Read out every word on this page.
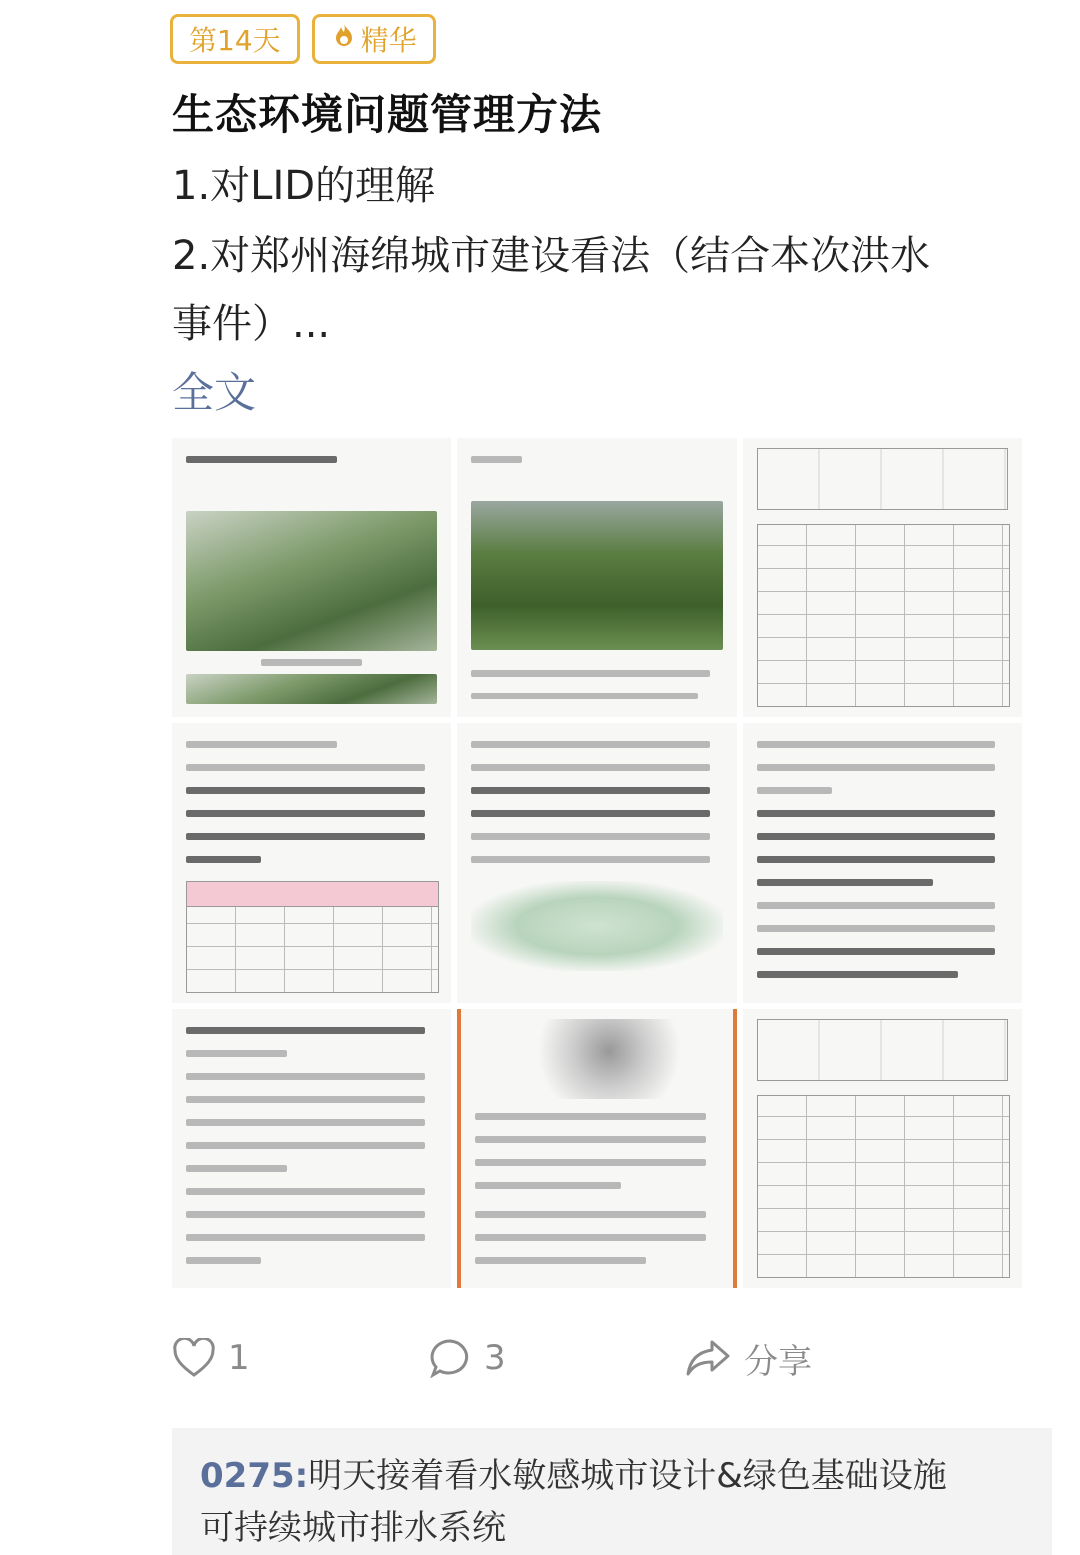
第14天	精华
生态环境问题管理方法
1.对LID的理解
2.对郑州海绵城市建设看法（结合本次洪水
事件）...
全文
1	3	分享
0275:明天接着看水敏感城市设计&绿色基础设施
可持续城市排水系统
